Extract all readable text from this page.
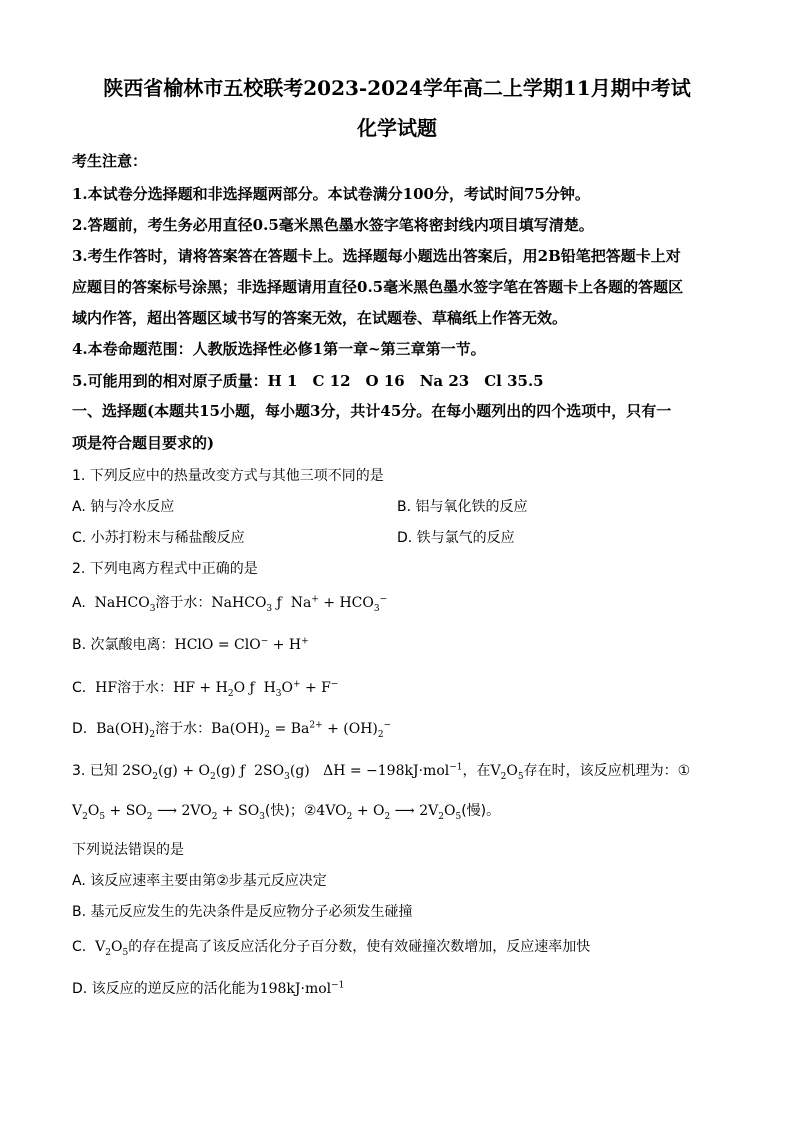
陕西省榆林市五校联考2023-2024学年高二上学期11月期中考试
化学试题
考生注意：
1.本试卷分选择题和非选择题两部分。本试卷满分100分，考试时间75分钟。
2.答题前，考生务必用直径0.5毫米黑色墨水签字笔将密封线内项目填写清楚。
3.考生作答时，请将答案答在答题卡上。选择题每小题选出答案后，用2B铅笔把答题卡上对
应题目的答案标号涂黑；非选择题请用直径0.5毫米黑色墨水签字笔在答题卡上各题的答题区
域内作答，超出答题区域书写的答案无效，在试题卷、草稿纸上作答无效。
4.本卷命题范围：人教版选择性必修1第一章~第三章第一节。
5.可能用到的相对原子质量：H 1　C 12　O 16　Na 23　Cl 35.5
一、选择题(本题共15小题，每小题3分，共计45分。在每小题列出的四个选项中，只有一
项是符合题目要求的)
1. 下列反应中的热量改变方式与其他三项不同的是
A. 钠与冷水反应	B. 铝与氧化铁的反应
C. 小苏打粉末与稀盐酸反应	D. 铁与氯气的反应
2. 下列电离方程式中正确的是
A.  NaHCO$_3$溶于水：NaHCO$_3$ ƒ  $Na^+ + HCO_3^-$
B. 次氯酸电离：HClO = ClO− + H+
C.  HF溶于水：HF + $H_2O$ ƒ  $H_3O^+ + F^-$
D.  $Ba(OH)_2$溶于水：$Ba(OH)_2 = Ba^{2+} + (OH)_2^-$
3. 已知 $2SO_2(g) + O_2(g)$ ƒ  $2SO_3(g) \Delta H = -198kJ\cdot mol^{-1}$，在$V_2O_5$存在时，该反应机理为：①
$V_2O_5 + SO_2$ ⟶ $2VO_2 + SO_3$(快)；$②4VO_2 + O_2$ ⟶ $2V_2O_5$(慢)。
下列说法错误的是
A. 该反应速率主要由第②步基元反应决定
B. 基元反应发生的先决条件是反应物分子必须发生碰撞
C.  $V_2O_5$的存在提高了该反应活化分子百分数，使有效碰撞次数增加，反应速率加快
D. 该反应的逆反应的活化能为198kJ·mol$^{-1}$
